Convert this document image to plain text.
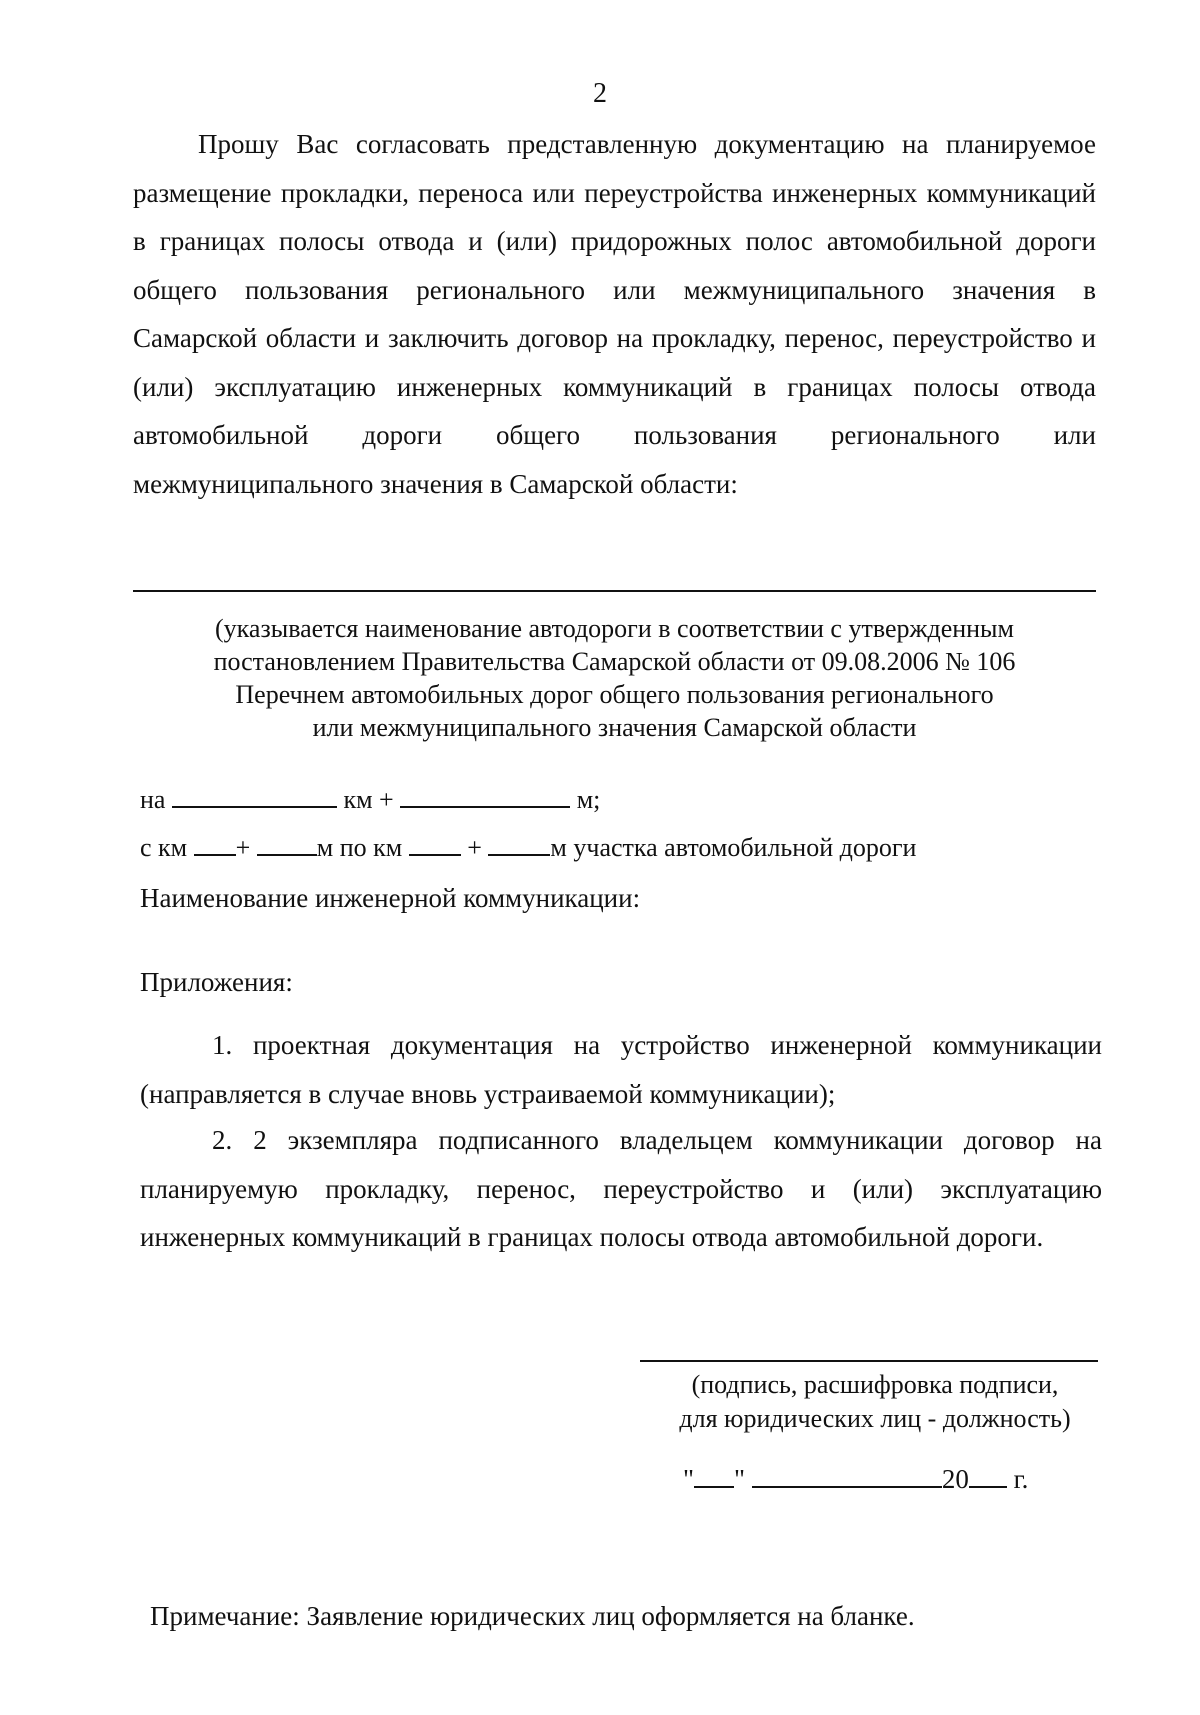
2
Прошу Вас согласовать представленную документацию на планируемое размещение прокладки, переноса или переустройства инженерных коммуникаций в границах полосы отвода и (или) придорожных полос автомобильной дороги общего пользования регионального или межмуниципального значения в Самарской области и заключить договор на прокладку, перенос, переустройство и (или) эксплуатацию инженерных коммуникаций в границах полосы отвода автомобильной дороги общего пользования регионального или межмуниципального значения в Самарской области:
(указывается наименование автодороги в соответствии с утвержденным
постановлением Правительства Самарской области от 09.08.2006 № 106
Перечнем автомобильных дорог общего пользования регионального
или межмуниципального значения Самарской области
на	км +	м;
с км +	м по км	+	м участка автомобильной дороги
Наименование инженерной коммуникации:
Приложения:
1. проектная документация на устройство инженерной коммуникации (направляется в случае вновь устраиваемой коммуникации);
2. 2 экземпляра подписанного владельцем коммуникации договор на планируемую прокладку, перенос, переустройство и (или) эксплуатацию инженерных коммуникаций в границах полосы отвода автомобильной дороги.
(подпись, расшифровка подписи,
для юридических лиц - должность)
" "	20 г.
Примечание: Заявление юридических лиц оформляется на бланке.
